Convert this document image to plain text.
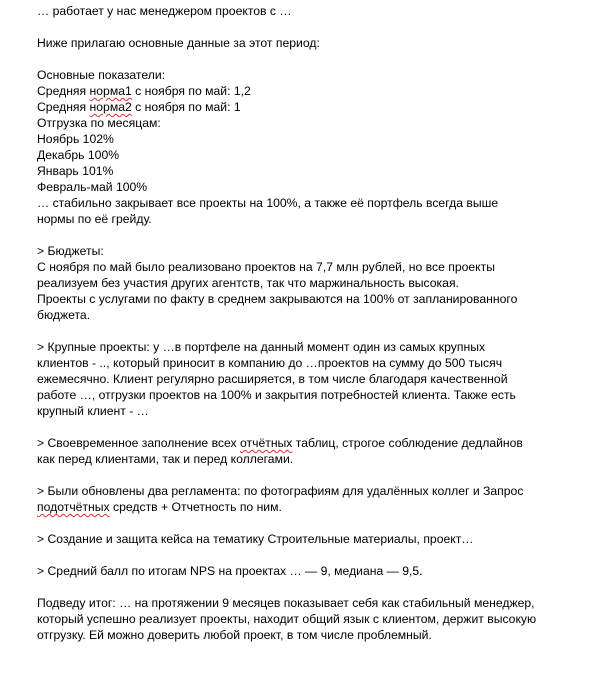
… работает у нас менеджером проектов с …
Ниже прилагаю основные данные за этот период:
Основные показатели:
Средняя норма1 с ноября по май: 1,2
Средняя норма2 с ноября по май: 1
Отгрузка по месяцам:
Ноябрь 102%
Декабрь 100%
Январь 101%
Февраль-май 100%
… стабильно закрывает все проекты на 100%, а также её портфель всегда выше
нормы по её грейду.
> Бюджеты:
С ноября по май было реализовано проектов на 7,7 млн рублей, но все проекты
реализуем без участия других агентств, так что маржинальность высокая.
Проекты с услугами по факту в среднем закрываются на 100% от запланированного
бюджета.
> Крупные проекты: у …в портфеле на данный момент один из самых крупных
клиентов - .., который приносит в компанию до …проектов на сумму до 500 тысяч
ежемесячно. Клиент регулярно расширяется, в том числе благодаря качественной
работе …, отгрузки проектов на 100% и закрытия потребностей клиента. Также есть
крупный клиент - …
> Своевременное заполнение всех отчётных таблиц, строгое соблюдение дедлайнов
как перед клиентами, так и перед коллегами.
> Были обновлены два регламента: по фотографиям для удалённых коллег и Запрос
подотчётных средств + Отчетность по ним.
> Создание и защита кейса на тематику Строительные материалы, проект…
> Средний балл по итогам NPS на проектах … — 9, медиана — 9,5.
Подведу итог: … на протяжении 9 месяцев показывает себя как стабильный менеджер,
который успешно реализует проекты, находит общий язык с клиентом, держит высокую
отгрузку. Ей можно доверить любой проект, в том числе проблемный.
